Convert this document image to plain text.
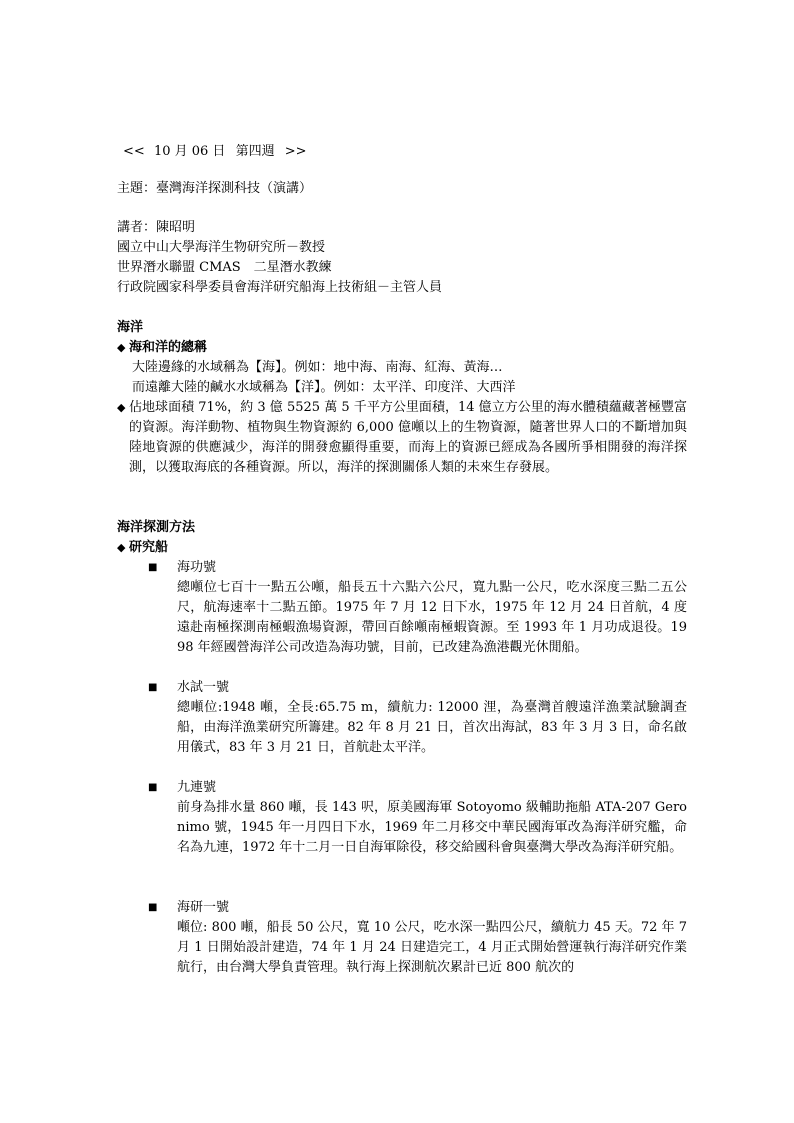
<< 10 月 06 日 第四週 >>
主題：臺灣海洋探測科技（演講）
講者：陳昭明
國立中山大學海洋生物研究所－教授
世界潛水聯盟 CMAS　二星潛水教練
行政院國家科學委員會海洋研究船海上技術組－主管人員
海洋
◆ 海和洋的總稱
大陸邊緣的水域稱為【海】。例如：地中海、南海、紅海、黃海…
而遠離大陸的鹹水水域稱為【洋】。例如：太平洋、印度洋、大西洋
◆ 佔地球面積 71%，約 3 億 5525 萬 5 千平方公里面積，14 億立方公里的海水體積蘊藏著極豐富的資源。海洋動物、植物與生物資源約 6,000 億噸以上的生物資源，隨著世界人口的不斷增加與陸地資源的供應減少，海洋的開發愈顯得重要，而海上的資源已經成為各國所爭相開發的海洋探測，以獲取海底的各種資源。所以，海洋的探測關係人類的未來生存發展。
海洋探測方法
◆ 研究船
■ 海功號
總噸位七百十一點五公噸，船長五十六點六公尺，寬九點一公尺，吃水深度三點二五公尺，航海速率十二點五節。1975 年 7 月 12 日下水，1975 年 12 月 24 日首航，4 度遠赴南極探測南極蝦漁場資源，帶回百餘噸南極蝦資源。至 1993 年 1 月功成退役。1998 年經國營海洋公司改造為海功號，目前，已改建為漁港觀光休閒船。
■ 水試一號
總噸位:1948 噸，全長:65.75 m，續航力: 12000 浬，為臺灣首艘遠洋漁業試驗調查船，由海洋漁業研究所籌建。82 年 8 月 21 日，首次出海試，83 年 3 月 3 日，命名啟用儀式，83 年 3 月 21 日，首航赴太平洋。
■ 九連號
前身為排水量 860 噸，長 143 呎，原美國海軍 Sotoyomo 級輔助拖船 ATA-207 Geronimo 號，1945 年一月四日下水，1969 年二月移交中華民國海軍改為海洋研究艦，命名為九連，1972 年十二月一日自海軍除役，移交給國科會與臺灣大學改為海洋研究船。
■ 海研一號
噸位: 800 噸，船長 50 公尺，寬 10 公尺，吃水深一點四公尺，續航力 45 天。72 年 7 月 1 日開始設計建造，74 年 1 月 24 日建造完工，4 月正式開始營運執行海洋研究作業航行，由台灣大學負責管理。執行海上探測航次累計已近 800 航次的
